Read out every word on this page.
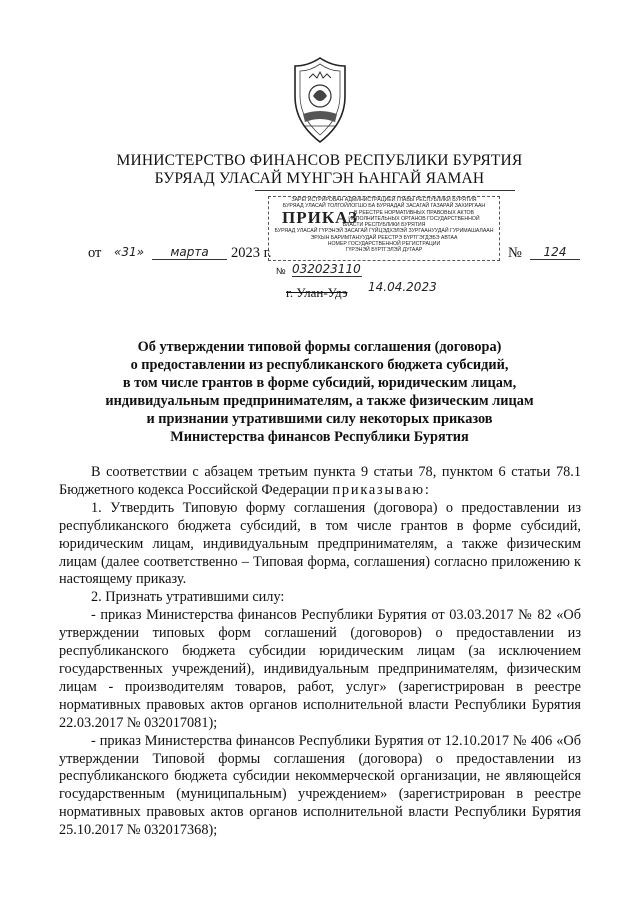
МИНИСТЕРСТВО ФИНАНСОВ РЕСПУБЛИКИ БУРЯТИЯ
БУРЯАД УЛАСАЙ МҮНГЭН ҺАНГАЙ ЯАМАН
ЗАРЕГИСТРИРОВАН АДМИНИСТРАЦИЕЙ ГЛАВЫ РЕСПУБЛИКИ БУРЯТИЯ
БУРЯАД УЛАСАЙ ТОЛГОЙЛОГШО БА БУРЯАДАЙ ЗАСАГАЙ ГАЗАРАЙ ЗАХИРГААН
В РЕЕСТРЕ НОРМАТИВНЫХ ПРАВОВЫХ АКТОВ
ИСПОЛНИТЕЛЬНЫХ ОРГАНОВ ГОСУДАРСТВЕННОЙ
ВЛАСТИ РЕСПУБЛИКИ БУРЯТИЯ
БУРЯАД УЛАСАЙ ГҮРЭНЭЙ ЗАСАГАЙ ГҮЙЦЭДХЭЛЭЙ ЗУРГААНУУДАЙ ГУРИМАШАЛААН
ЭРХЫН БАРИМТАНУУДАЙ РЕЕСТРЭ БҮРТГЭГДЭБЭ АВТАА
НОМЕР ГОСУДАРСТВЕННОЙ РЕГИСТРАЦИИ
ГҮРЭНЭЙ БҮРТГЭЛЭЙ ДУГААР
ПРИКАЗ
от «31»	марта	2023 г.	№	124
№ 032023110
14.04.2023
г. Улан-Удэ
Об утверждении типовой формы соглашения (договора)
о предоставлении из республиканского бюджета субсидий,
в том числе грантов в форме субсидий, юридическим лицам,
индивидуальным предпринимателям, а также физическим лицам
и признании утратившими силу некоторых приказов
Министерства финансов Республики Бурятия

В соответствии с абзацем третьим пункта 9 статьи 78, пунктом 6 статьи 78.1 Бюджетного кодекса Российской Федерации приказываю:

1. Утвердить Типовую форму соглашения (договора) о предоставлении из республиканского бюджета субсидий, в том числе грантов в форме субсидий, юридическим лицам, индивидуальным предпринимателям, а также физическим лицам (далее соответственно – Типовая форма, соглашения) согласно приложению к настоящему приказу.

2. Признать утратившими силу:

- приказ Министерства финансов Республики Бурятия от 03.03.2017 № 82 «Об утверждении типовых форм соглашений (договоров) о предоставлении из республиканского бюджета субсидии юридическим лицам (за исключением государственных учреждений), индивидуальным предпринимателям, физическим лицам - производителям товаров, работ, услуг» (зарегистрирован в реестре нормативных правовых актов органов исполнительной власти Республики Бурятия 22.03.2017 № 032017081);

- приказ Министерства финансов Республики Бурятия от 12.10.2017 № 406 «Об утверждении Типовой формы соглашения (договора) о предоставлении из республиканского бюджета субсидии некоммерческой организации, не являющейся государственным (муниципальным) учреждением» (зарегистрирован в реестре нормативных правовых актов органов исполнительной власти Республики Бурятия 25.10.2017 № 032017368);
